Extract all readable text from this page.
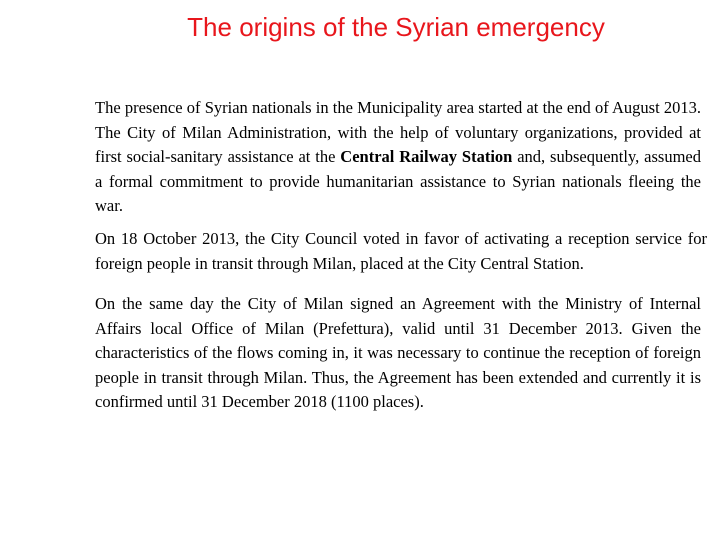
The origins of the Syrian emergency

The presence of Syrian nationals in the Municipality area started at the end of August 2013. The City of Milan Administration, with the help of voluntary organizations, provided at first social-sanitary assistance at the Central Railway Station and, subsequently, assumed a formal commitment to provide humanitarian assistance to Syrian nationals fleeing the war.

On 18 October 2013, the City Council voted in favor of activating a reception service for foreign people in transit through Milan, placed at the City Central Station.

On the same day the City of Milan signed an Agreement with the Ministry of Internal Affairs local Office of Milan (Prefettura), valid until 31 December 2013. Given the characteristics of the flows coming in, it was necessary to continue the reception of foreign people in transit through Milan. Thus, the Agreement has been extended and currently it is confirmed until 31 December 2018 (1100 places).
